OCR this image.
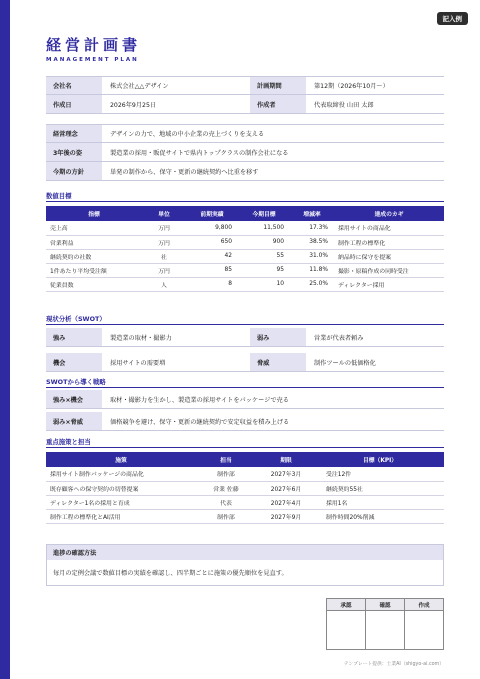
記入例
経営計画書
MANAGEMENT PLAN
会社名	株式会社△△デザイン	計画期間	第12期（2026年10月〜）
作成日	2026年9月25日	作成者	代表取締役 山田 太郎
経営理念	デザインの力で、地域の中小企業の売上づくりを支える
3年後の姿	製造業の採用・販促サイトで県内トップクラスの制作会社になる
今期の方針	単発の制作から、保守・更新の継続契約へ比重を移す
数値目標
指標	単位	前期実績	今期目標	増減率	達成のカギ
売上高	万円	9,800	11,500	17.3%	採用サイトの商品化
営業利益	万円	650	900	38.5%	制作工程の標準化
継続契約の社数	社	42	55	31.0%	納品時に保守を提案
1件あたり平均受注額	万円	85	95	11.8%	撮影・原稿作成の同時受注
従業員数	人	8	10	25.0%	ディレクター採用
現状分析（SWOT）
強み	製造業の取材・撮影力	弱み	営業が代表者頼み
機会	採用サイトの需要増	脅威	制作ツールの低価格化
SWOTから導く戦略
強み×機会	取材・撮影力を生かし、製造業の採用サイトをパッケージで売る
弱み×脅威	価格競争を避け、保守・更新の継続契約で安定収益を積み上げる
重点施策と担当
施策	担当	期限	目標（KPI）
採用サイト制作パッケージの商品化	制作部	2027年3月	受注12件
既存顧客への保守契約の切替提案	営業 佐藤	2027年6月	継続契約55社
ディレクター1名の採用と育成	代表	2027年4月	採用1名
制作工程の標準化とAI活用	制作部	2027年9月	制作時間20%削減
進捗の確認方法
毎月の定例会議で数値目標の実績を確認し、四半期ごとに施策の優先順位を見直す。
承認	確認	作成
テンプレート提供：士業AI（shigyo-ai.com）
